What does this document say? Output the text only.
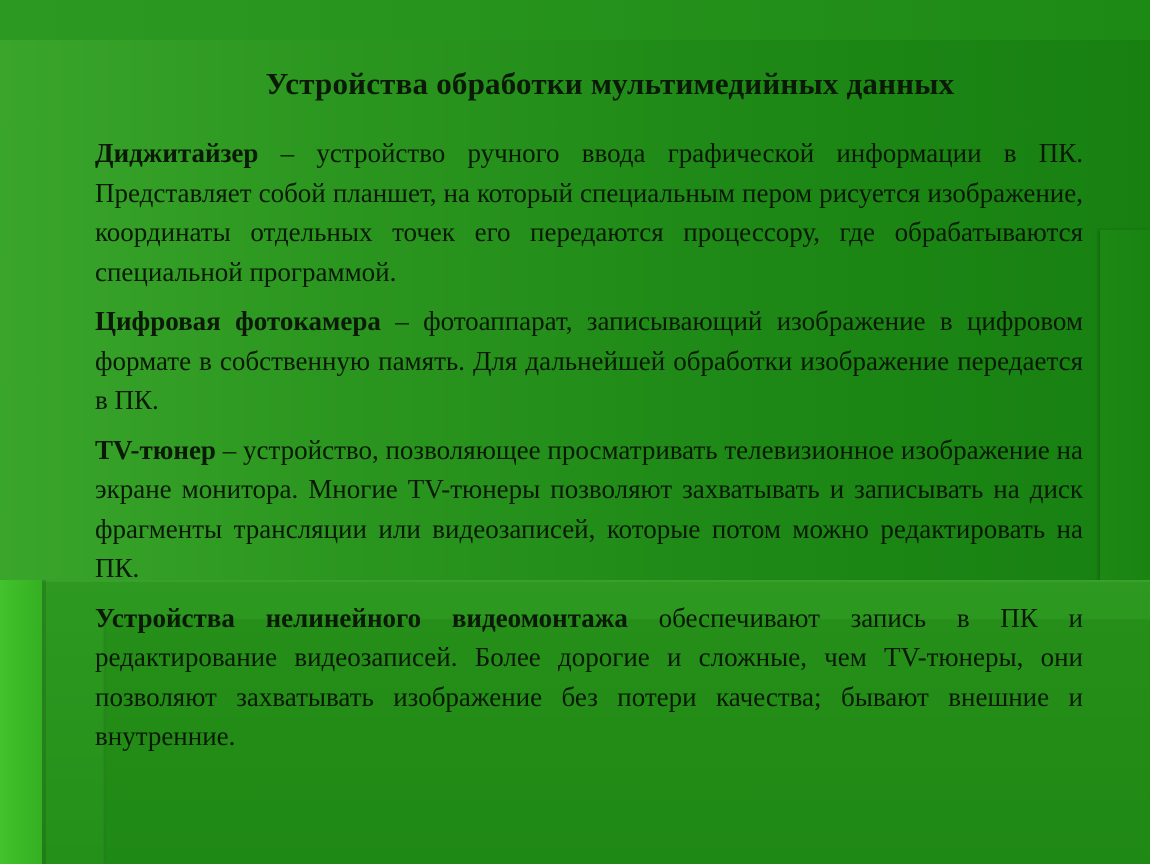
Устройства обработки мультимедийных данных

Диджитайзер – устройство ручного ввода графической информации в ПК. Представляет собой планшет, на который специальным пером рисуется изображение, координаты отдельных точек его передаются процессору, где обрабатываются специальной программой.

Цифровая фотокамера – фотоаппарат, записывающий изображение в цифровом формате в собственную память. Для дальнейшей обработки изображение передается в ПК.

TV-тюнер – устройство, позволяющее просматривать телевизионное изображение на экране монитора. Многие TV-тюнеры позволяют захватывать и записывать на диск фрагменты трансляции или видеозаписей, которые потом можно редактировать на ПК.

Устройства нелинейного видеомонтажа обеспечивают запись в ПК и редактирование видеозаписей. Более дорогие и сложные, чем TV-тюнеры, они позволяют захватывать изображение без потери качества; бывают внешние и внутренние.
